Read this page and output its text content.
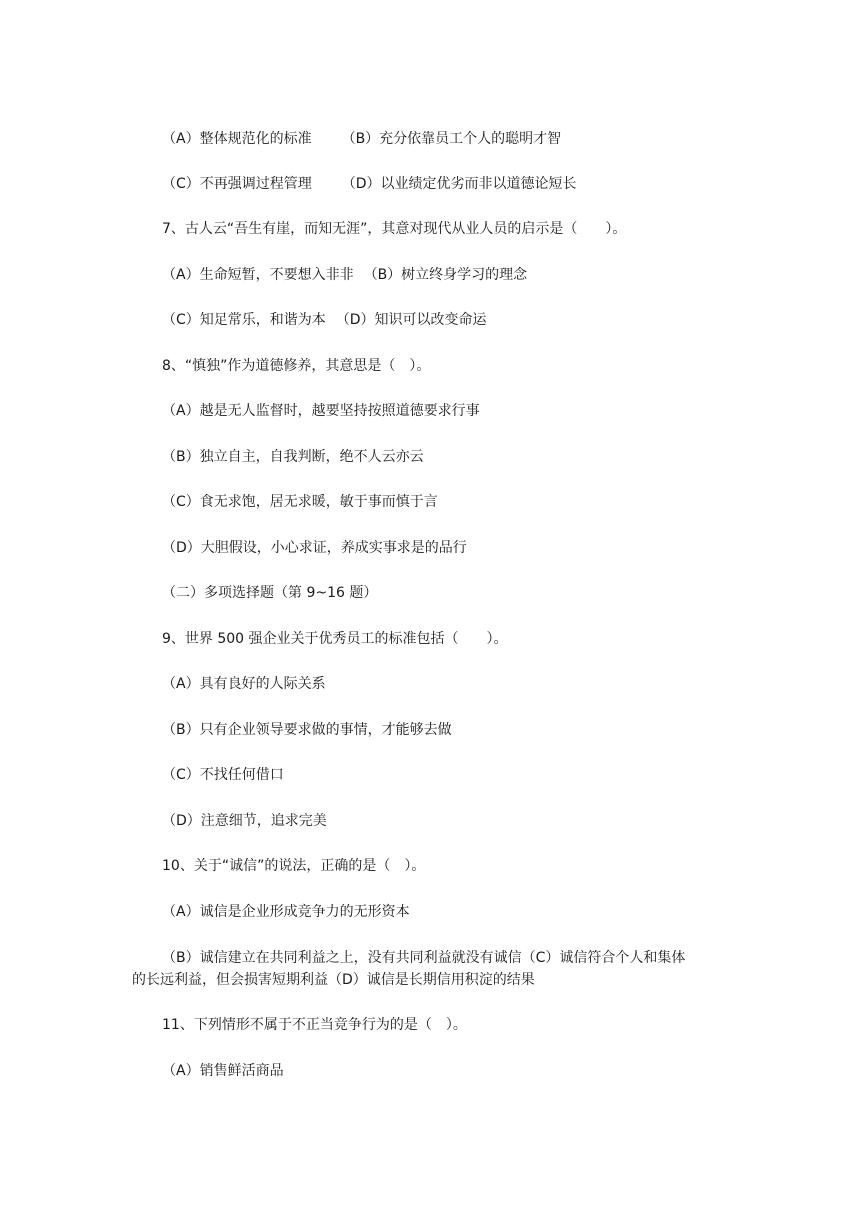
（A）整体规范化的标准 （B）充分依靠员工个人的聪明才智
（C）不再强调过程管理 （D）以业绩定优劣而非以道德论短长
7、古人云“吾生有崖，而知无涯”，其意对现代从业人员的启示是（　　）。
（A）生命短暂，不要想入非非 （B）树立终身学习的理念
（C）知足常乐，和谐为本 （D）知识可以改变命运
8、“慎独”作为道德修养，其意思是（　）。
（A）越是无人监督时，越要坚持按照道德要求行事
（B）独立自主，自我判断，绝不人云亦云
（C）食无求饱，居无求暖，敏于事而慎于言
（D）大胆假设，小心求证，养成实事求是的品行
（二）多项选择题（第 9~16 题）
9、世界 500 强企业关于优秀员工的标准包括（　　）。
（A）具有良好的人际关系
（B）只有企业领导要求做的事情，才能够去做
（C）不找任何借口
（D）注意细节，追求完美
10、关于“诚信”的说法，正确的是（　）。
（A）诚信是企业形成竞争力的无形资本
（B）诚信建立在共同利益之上，没有共同利益就没有诚信（C）诚信符合个人和集体
的长远利益，但会损害短期利益（D）诚信是长期信用积淀的结果
11、下列情形不属于不正当竞争行为的是（　）。
（A）销售鲜活商品
